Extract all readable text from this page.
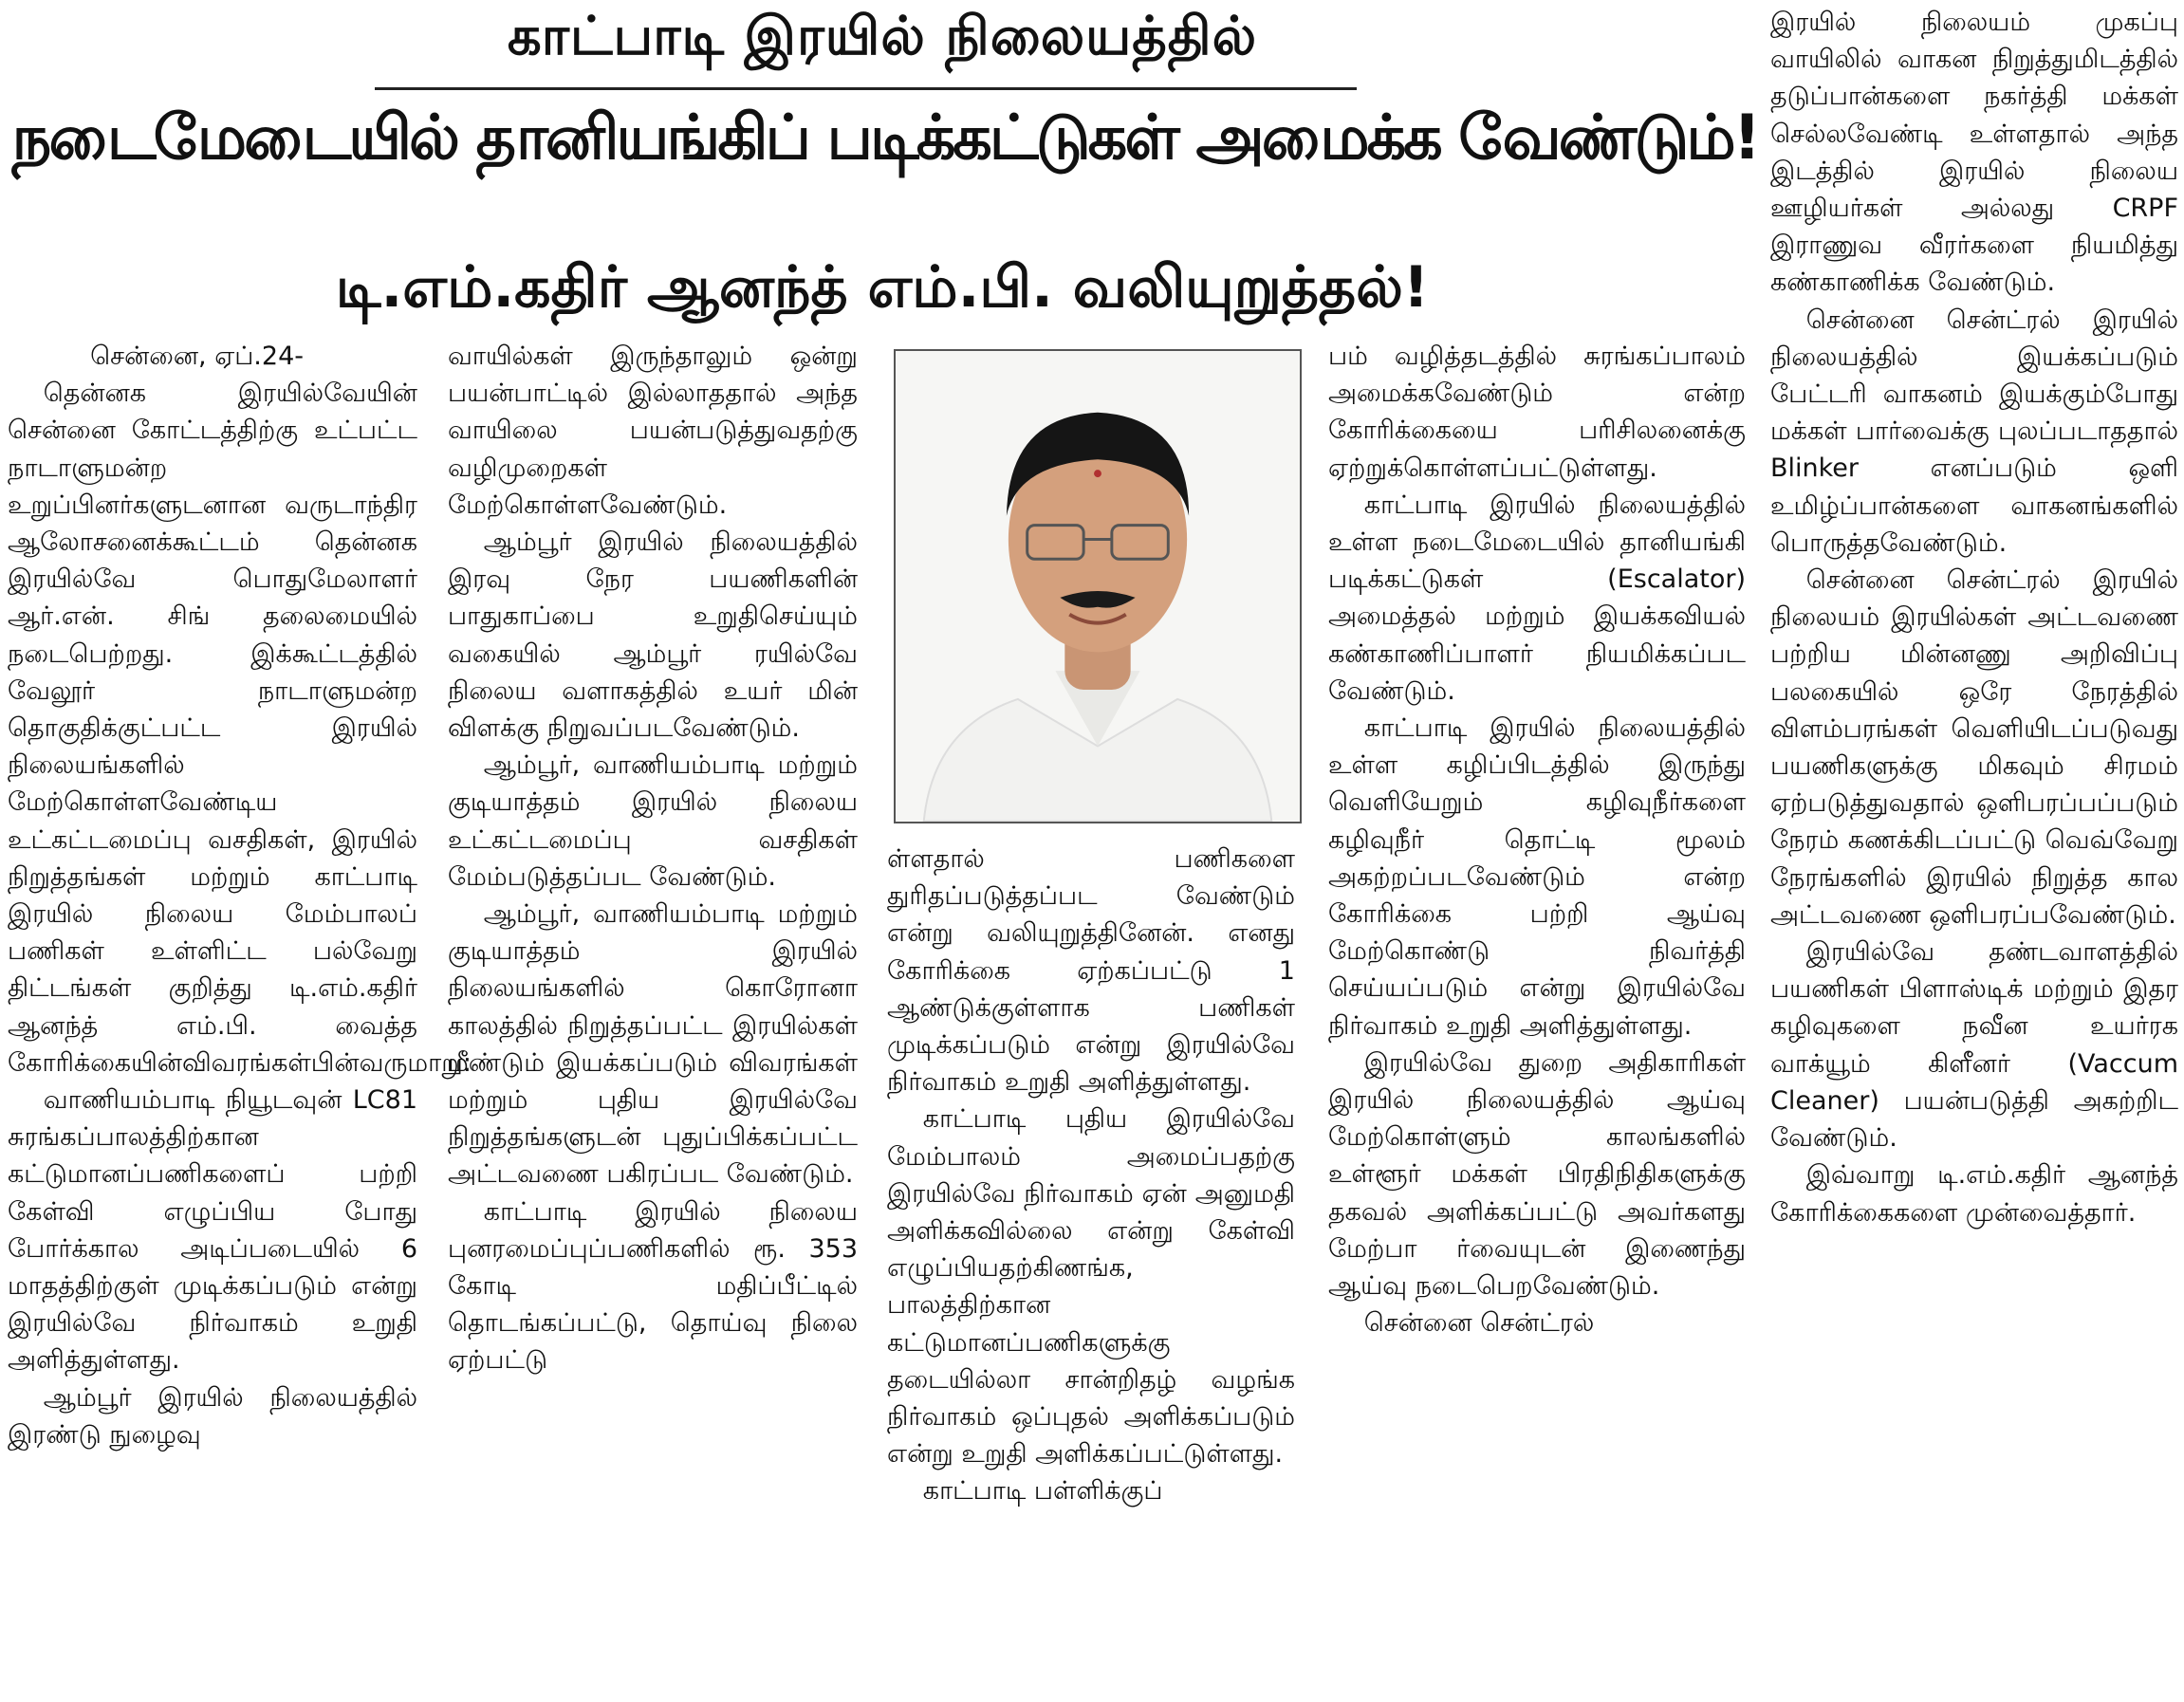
காட்பாடி இரயில் நிலையத்தில்
நடைமேடையில் தானியங்கிப் படிக்கட்டுகள் அமைக்க வேண்டும்!
டி.எம்.கதிர் ஆனந்த் எம்.பி. வலியுறுத்தல்!

சென்னை, ஏப்.24-

தென்னக இரயில்வேயின் சென்னை கோட்டத்திற்கு உட்பட்ட நாடாளுமன்ற உறுப்பினர்களுடனான வருடாந்திர ஆலோசனைக்கூட்டம் தென்னக இரயில்வே பொதுமேலாளர் ஆர்.என். சிங் தலைமையில் நடைபெற்றது. இக்கூட்டத்தில் வேலூர் நாடாளுமன்ற தொகுதிக்குட்பட்ட இரயில் நிலையங்களில் மேற்கொள்ளவேண்டிய உட்கட்டமைப்பு வசதிகள், இரயில் நிறுத்தங்கள் மற்றும் காட்பாடி இரயில் நிலைய மேம்பாலப் பணிகள் உள்ளிட்ட பல்வேறு திட்டங்கள் குறித்து டி.எம்.கதிர் ஆனந்த் எம்.பி. வைத்த கோரிக்கையின்விவரங்கள்பின்வருமாறு:

வாணியம்பாடி நியூடவுன் LC81 சுரங்கப்பாலத்திற்கான கட்டுமானப்பணிகளைப் பற்றி கேள்வி எழுப்பிய போது போர்க்கால அடிப்படையில் 6 மாதத்திற்குள் முடிக்கப்படும் என்று இரயில்வே நிர்வாகம் உறுதி அளித்துள்ளது.

ஆம்பூர் இரயில் நிலையத்தில் இரண்டு நுழைவு

வாயில்கள் இருந்தாலும் ஒன்று பயன்பாட்டில் இல்லாததால் அந்த வாயிலை பயன்படுத்துவதற்கு வழிமுறைகள் மேற்கொள்ளவேண்டும்.

ஆம்பூர் இரயில் நிலையத்தில் இரவு நேர பயணிகளின் பாதுகாப்பை உறுதிசெய்யும் வகையில் ஆம்பூர் ரயில்வே நிலைய வளாகத்தில் உயர் மின் விளக்கு நிறுவப்படவேண்டும்.

ஆம்பூர், வாணியம்பாடி மற்றும் குடியாத்தம் இரயில் நிலைய உட்கட்டமைப்பு வசதிகள் மேம்படுத்தப்பட வேண்டும்.

ஆம்பூர், வாணியம்பாடி மற்றும் குடியாத்தம் இரயில் நிலையங்களில் கொரோனா காலத்தில் நிறுத்தப்பட்ட இரயில்கள் மீண்டும் இயக்கப்படும் விவரங்கள் மற்றும் புதிய இரயில்வே நிறுத்தங்களுடன் புதுப்பிக்கப்பட்ட அட்டவணை பகிரப்பட வேண்டும்.

காட்பாடி இரயில் நிலைய புனரமைப்புப்பணிகளில் ரூ. 353 கோடி மதிப்பீட்டில் தொடங்கப்பட்டு, தொய்வு நிலை ஏற்பட்டு

ள்ளதால் பணிகளை துரிதப்படுத்தப்பட வேண்டும் என்று வலியுறுத்தினேன். எனது கோரிக்கை ஏற்கப்பட்டு 1 ஆண்டுக்குள்ளாக பணிகள் முடிக்கப்படும் என்று இரயில்வே நிர்வாகம் உறுதி அளித்துள்ளது.

காட்பாடி புதிய இரயில்வே மேம்பாலம் அமைப்பதற்கு இரயில்வே நிர்வாகம் ஏன் அனுமதி அளிக்கவில்லை என்று கேள்வி எழுப்பியதற்கிணங்க, பாலத்திற்கான கட்டுமானப்பணிகளுக்கு தடையில்லா சான்றிதழ் வழங்க நிர்வாகம் ஒப்புதல் அளிக்கப்படும் என்று உறுதி அளிக்கப்பட்டுள்ளது.

காட்பாடி பள்ளிக்குப்

பம் வழித்தடத்தில் சுரங்கப்பாலம் அமைக்கவேண்டும் என்ற கோரிக்கையை பரிசிலனைக்கு ஏற்றுக்கொள்ளப்பட்டுள்ளது.

காட்பாடி இரயில் நிலையத்தில் உள்ள நடைமேடையில் தானியங்கி படிக்கட்டுகள் (Escalator) அமைத்தல் மற்றும் இயக்கவியல் கண்காணிப்பாளர் நியமிக்கப்பட வேண்டும்.

காட்பாடி இரயில் நிலையத்தில் உள்ள கழிப்பிடத்தில் இருந்து வெளியேறும் கழிவுநீர்களை கழிவுநீர் தொட்டி மூலம் அகற்றப்படவேண்டும் என்ற கோரிக்கை பற்றி ஆய்வு மேற்கொண்டு நிவர்த்தி செய்யப்படும் என்று இரயில்வே நிர்வாகம் உறுதி அளித்துள்ளது.

இரயில்வே துறை அதிகாரிகள் இரயில் நிலையத்தில் ஆய்வு மேற்கொள்ளும் காலங்களில் உள்ளூர் மக்கள் பிரதிநிதிகளுக்கு தகவல் அளிக்கப்பட்டு அவர்களது மேற்பா ர்வையுடன் இணைந்து ஆய்வு நடைபெறவேண்டும்.

சென்னை சென்ட்ரல்

இரயில் நிலையம் முகப்பு வாயிலில் வாகன நிறுத்துமிடத்தில் தடுப்பான்களை நகர்த்தி மக்கள் செல்லவேண்டி உள்ளதால் அந்த இடத்தில் இரயில் நிலைய ஊழியர்கள் அல்லது CRPF இராணுவ வீரர்களை நியமித்து கண்காணிக்க வேண்டும்.

சென்னை சென்ட்ரல் இரயில் நிலையத்தில் இயக்கப்படும் பேட்டரி வாகனம் இயக்கும்போது மக்கள் பார்வைக்கு புலப்படாததால் Blinker எனப்படும் ஒளி உமிழ்ப்பான்களை வாகனங்களில் பொருத்தவேண்டும்.

சென்னை சென்ட்ரல் இரயில் நிலையம் இரயில்கள் அட்டவணை பற்றிய மின்னணு அறிவிப்பு பலகையில் ஒரே நேரத்தில் விளம்பரங்கள் வெளியிடப்படுவது பயணிகளுக்கு மிகவும் சிரமம் ஏற்படுத்துவதால் ஒளிபரப்பப்படும் நேரம் கணக்கிடப்பட்டு வெவ்வேறு நேரங்களில் இரயில் நிறுத்த கால அட்டவணை ஒளிபரப்பவேண்டும்.

இரயில்வே தண்டவாளத்தில் பயணிகள் பிளாஸ்டிக் மற்றும் இதர கழிவுகளை நவீன உயர்ரக வாக்யூம் கிளீனர் (Vaccum Cleaner) பயன்படுத்தி அகற்றிட வேண்டும்.

இவ்வாறு டி.எம்.கதிர் ஆனந்த் கோரிக்கைகளை முன்வைத்தார்.
